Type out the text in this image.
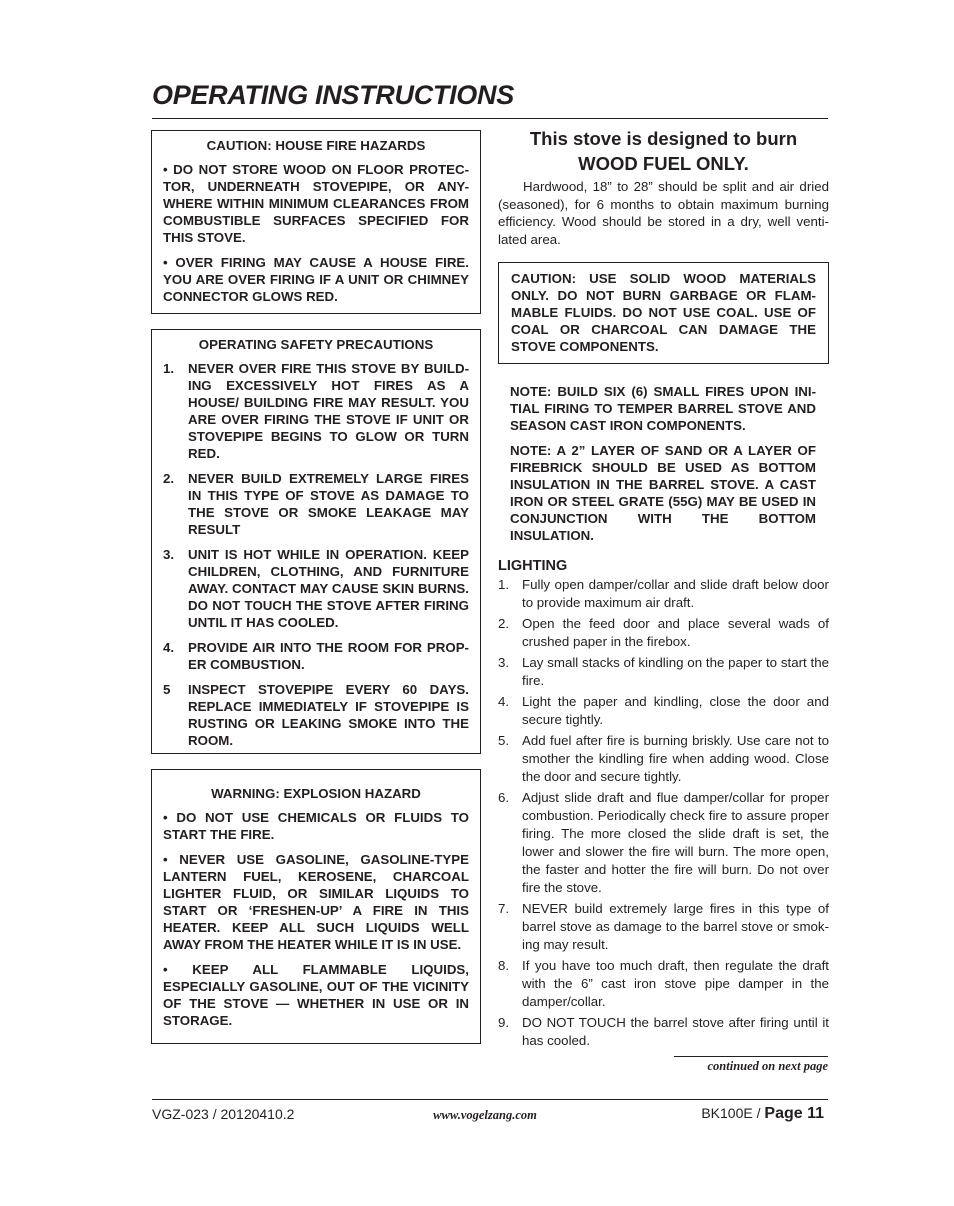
OPERATING INSTRUCTIONS
CAUTION: HOUSE FIRE HAZARDS

• DO NOT STORE WOOD ON FLOOR PROTEC-TOR, UNDERNEATH STOVEPIPE, OR ANY-WHERE WITHIN MINIMUM CLEARANCES FROM COMBUSTIBLE SURFACES SPECIFIED FOR THIS STOVE.

• OVER FIRING MAY CAUSE A HOUSE FIRE. YOU ARE OVER FIRING IF A UNIT OR CHIMNEY CONNECTOR GLOWS RED.

OPERATING SAFETY PRECAUTIONS
1.	NEVER OVER FIRE THIS STOVE BY BUILD-ING EXCESSIVELY HOT FIRES AS A HOUSE/ BUILDING FIRE MAY RESULT. YOU ARE OVER FIRING THE STOVE IF UNIT OR STOVEPIPE BEGINS TO GLOW OR TURN RED.
2.	NEVER BUILD EXTREMELY LARGE FIRES IN THIS TYPE OF STOVE AS DAMAGE TO THE STOVE OR SMOKE LEAKAGE MAY RESULT
3.	UNIT IS HOT WHILE IN OPERATION. KEEP CHILDREN, CLOTHING, AND FURNITURE AWAY. CONTACT MAY CAUSE SKIN BURNS. DO NOT TOUCH THE STOVE AFTER FIRING UNTIL IT HAS COOLED.
4.	PROVIDE AIR INTO THE ROOM FOR PROP-ER COMBUSTION.
5	INSPECT STOVEPIPE EVERY 60 DAYS. REPLACE IMMEDIATELY IF STOVEPIPE IS RUSTING OR LEAKING SMOKE INTO THE ROOM.
WARNING: EXPLOSION HAZARD

• DO NOT USE CHEMICALS OR FLUIDS TO START THE FIRE.

• NEVER USE GASOLINE, GASOLINE-TYPE LANTERN FUEL, KEROSENE, CHARCOAL LIGHTER FLUID, OR SIMILAR LIQUIDS TO START OR ‘FRESHEN-UP’ A FIRE IN THIS HEATER. KEEP ALL SUCH LIQUIDS WELL AWAY FROM THE HEATER WHILE IT IS IN USE.

• KEEP ALL FLAMMABLE LIQUIDS, ESPECIALLY GASOLINE, OUT OF THE VICINITY OF THE STOVE — WHETHER IN USE OR IN STORAGE.

This stove is designed to burn
WOOD FUEL ONLY.

Hardwood, 18” to 28” should be split and air dried (seasoned), for 6 months to obtain maximum burning efficiency. Wood should be stored in a dry, well venti-lated area.

CAUTION: USE SOLID WOOD MATERIALS ONLY. DO NOT BURN GARBAGE OR FLAM-MABLE FLUIDS. DO NOT USE COAL. USE OF COAL OR CHARCOAL CAN DAMAGE THE STOVE COMPONENTS.

NOTE: BUILD SIX (6) SMALL FIRES UPON INI-TIAL FIRING TO TEMPER BARREL STOVE AND SEASON CAST IRON COMPONENTS.

NOTE: A 2” LAYER OF SAND OR A LAYER OF FIREBRICK SHOULD BE USED AS BOTTOM INSULATION IN THE BARREL STOVE. A CAST IRON OR STEEL GRATE (55G) MAY BE USED IN CONJUNCTION WITH THE BOTTOM INSULATION.

LIGHTING
1. Fully open damper/collar and slide draft below door to provide maximum air draft.
2. Open the feed door and place several wads of crushed paper in the firebox.
3. Lay small stacks of kindling on the paper to start the fire.
4. Light the paper and kindling, close the door and secure tightly.
5. Add fuel after fire is burning briskly. Use care not to smother the kindling fire when adding wood. Close the door and secure tightly.
6. Adjust slide draft and flue damper/collar for proper combustion. Periodically check fire to assure proper firing. The more closed the slide draft is set, the lower and slower the fire will burn. The more open, the faster and hotter the fire will burn. Do not over fire the stove.
7. NEVER build extremely large fires in this type of barrel stove as damage to the barrel stove or smok-ing may result.
8. If you have too much draft, then regulate the draft with the 6” cast iron stove pipe damper in the damper/collar.
9. DO NOT TOUCH the barrel stove after firing until it has cooled.
continued on next page
VGZ-023 / 20120410.2	www.vogelzang.com	BK100E / Page 11
